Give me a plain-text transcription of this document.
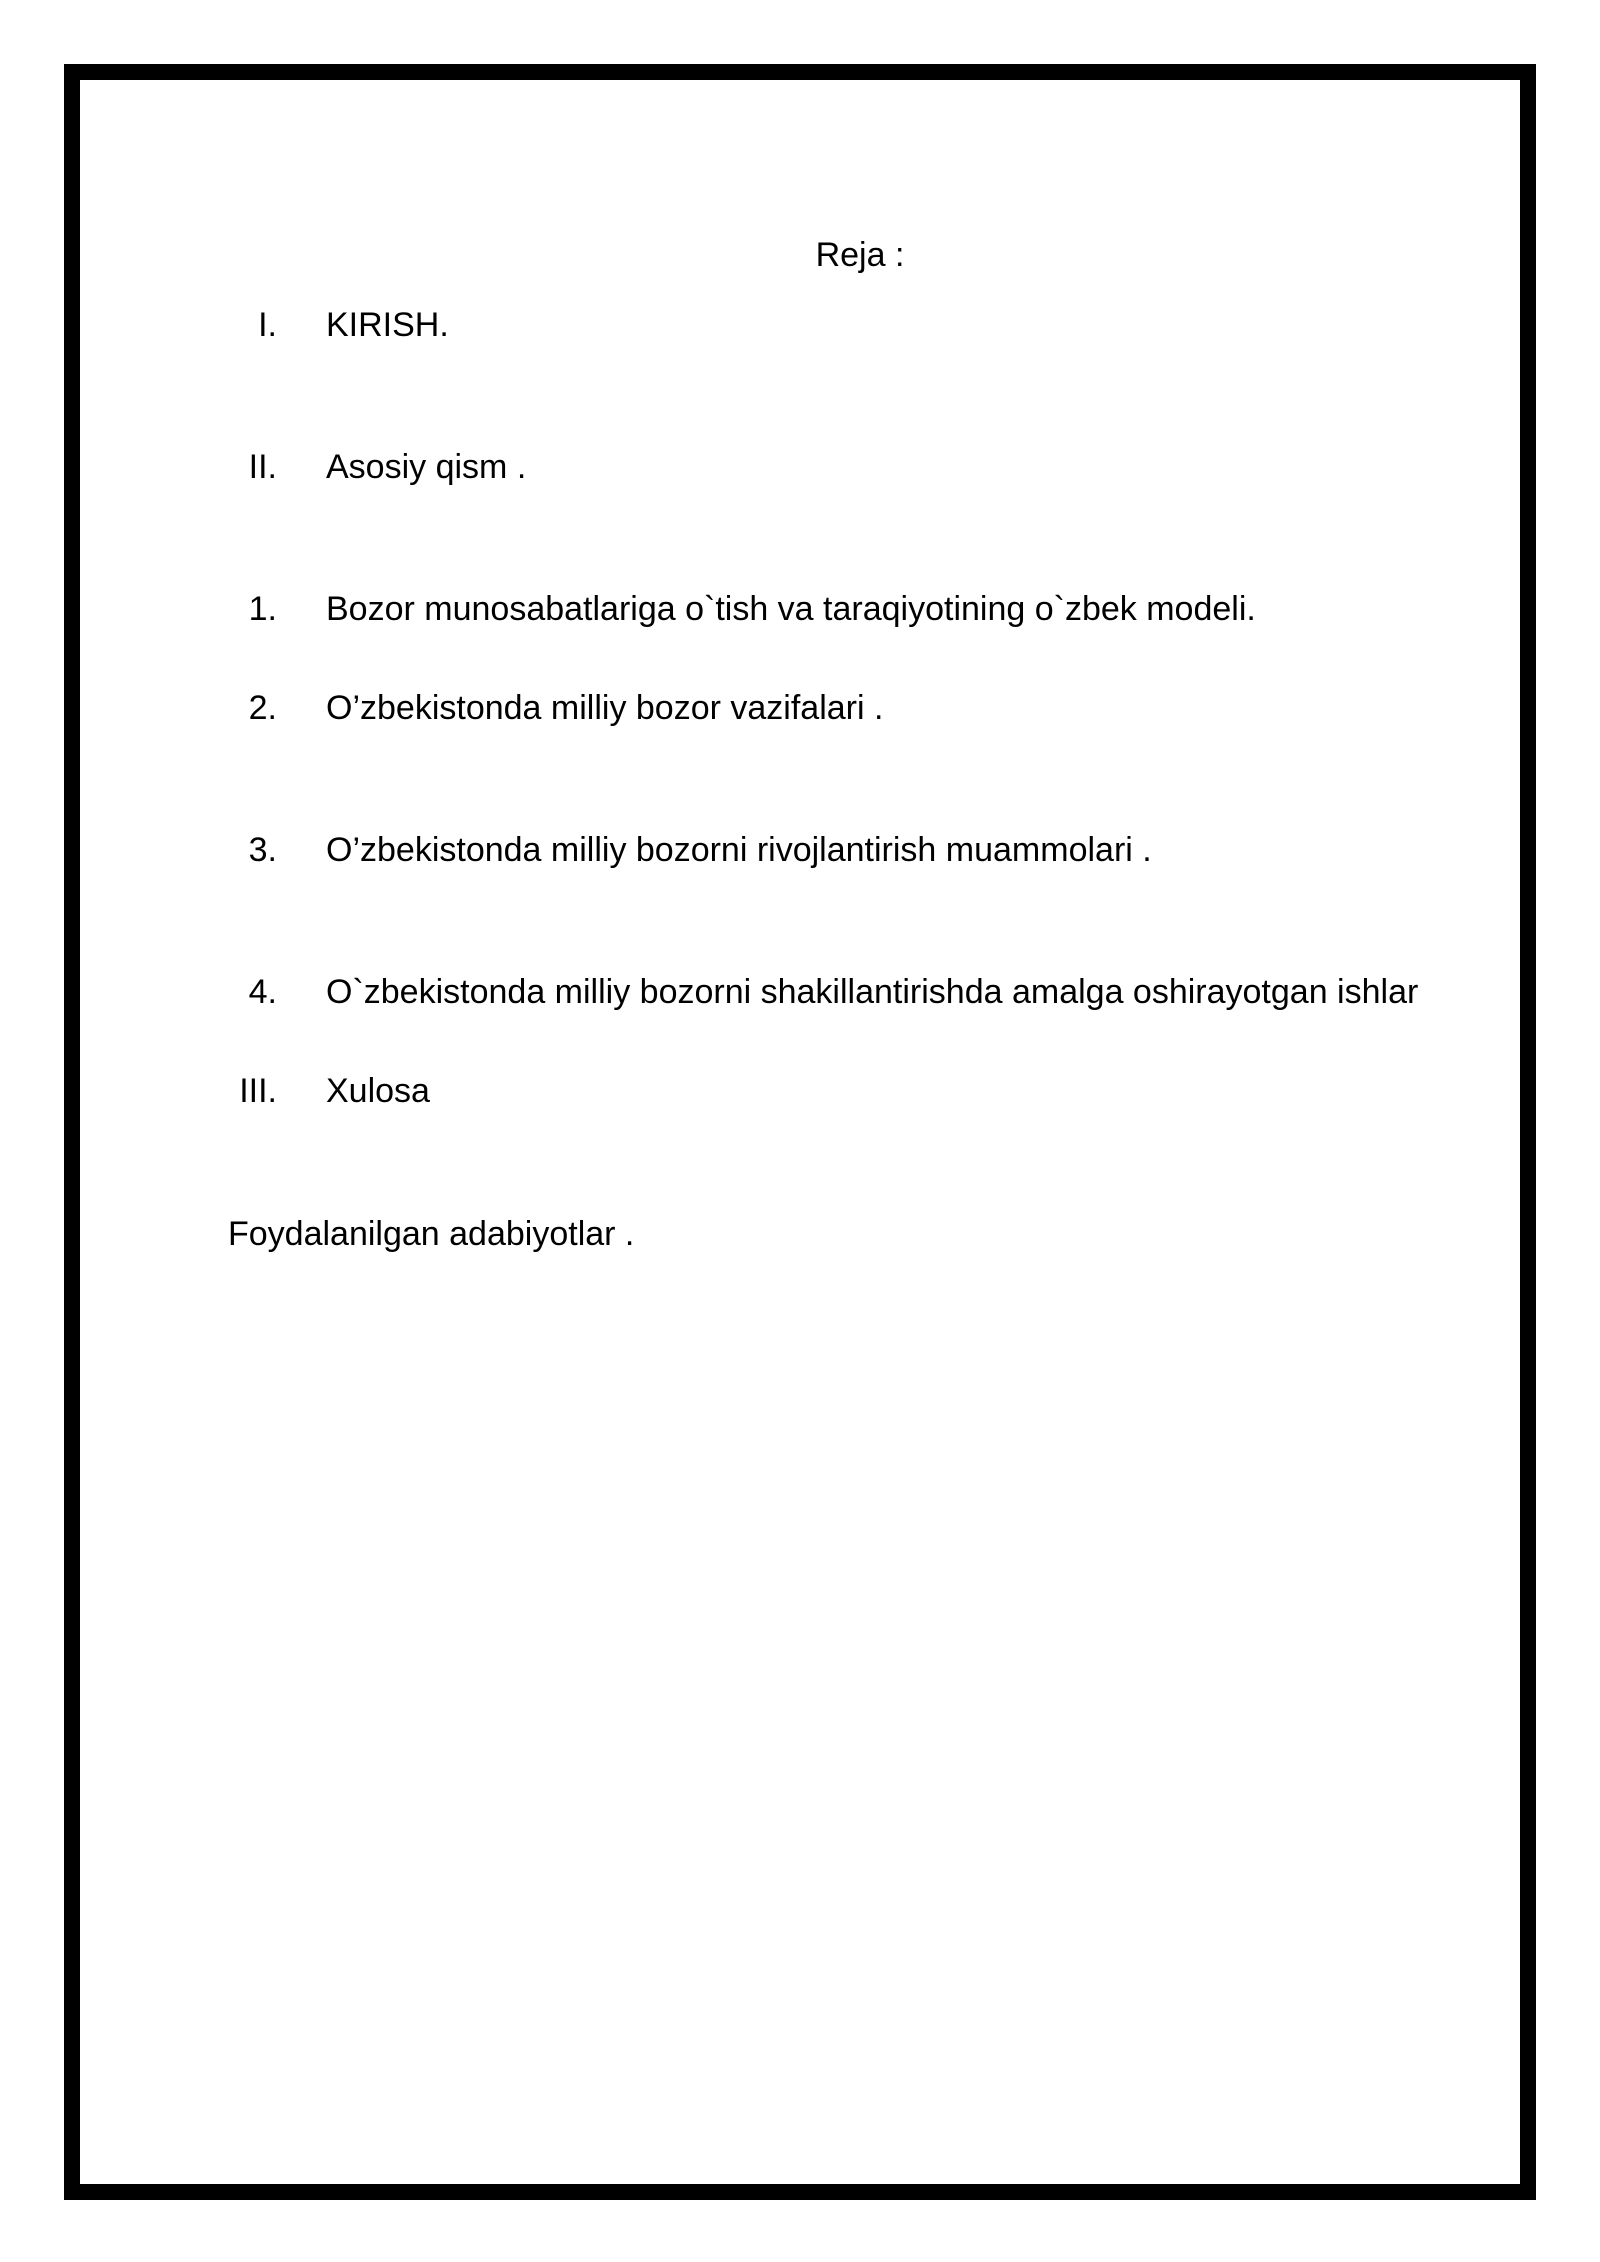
Reja :
I. KIRISH.
II. Asosiy qism .
1. Bozor munosabatlariga o`tish va taraqiyotining o`zbek modeli.
2. O’zbekistonda milliy bozor vazifalari .
3. O’zbekistonda milliy bozorni rivojlantirish muammolari .
4. O`zbekistonda milliy bozorni shakillantirishda amalga oshirayotgan ishlar
III. Xulosa
Foydalanilgan adabiyotlar .
